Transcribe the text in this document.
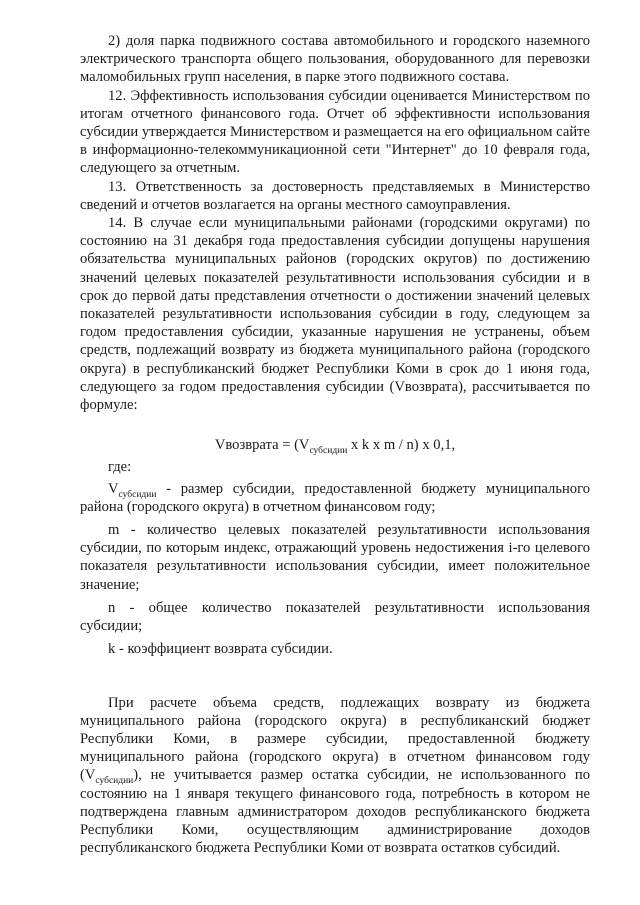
2) доля парка подвижного состава автомобильного и городского наземного электрического транспорта общего пользования, оборудованного для перевозки маломобильных групп населения, в парке этого подвижного состава.

12. Эффективность использования субсидии оценивается Министерством по итогам отчетного финансового года. Отчет об эффективности использования субсидии утверждается Министерством и размещается на его официальном сайте в информационно-телекоммуникационной сети "Интернет" до 10 февраля года, следующего за отчетным.

13. Ответственность за достоверность представляемых в Министерство сведений и отчетов возлагается на органы местного самоуправления.

14. В случае если муниципальными районами (городскими округами) по состоянию на 31 декабря года предоставления субсидии допущены нарушения обязательства муниципальных районов (городских округов) по достижению значений целевых показателей результативности использования субсидии и в срок до первой даты представления отчетности о достижении значений целевых показателей результативности использования субсидии в году, следующем за годом предоставления субсидии, указанные нарушения не устранены, объем средств, подлежащий возврату из бюджета муниципального района (городского округа) в республиканский бюджет Республики Коми в срок до 1 июня года, следующего за годом предоставления субсидии (Vвозврата), рассчитывается по формуле:

Vвозврата = ($V_{субсидии}$ x k x m / n) x 0,1,

где:

$V_{субсидии}$ - размер субсидии, предоставленной бюджету муниципального района (городского округа) в отчетном финансовом году;

m - количество целевых показателей результативности использования субсидии, по которым индекс, отражающий уровень недостижения i-го целевого показателя результативности использования субсидии, имеет положительное значение;

n - общее количество показателей результативности использования субсидии;

k - коэффициент возврата субсидии.

При расчете объема средств, подлежащих возврату из бюджета муниципального района (городского округа) в республиканский бюджет Республики Коми, в размере субсидии, предоставленной бюджету муниципального района (городского округа) в отчетном финансовом году $(V_{субсидии})$, не учитывается размер остатка субсидии, не использованного по состоянию на 1 января текущего финансового года, потребность в котором не подтверждена главным администратором доходов республиканского бюджета Республики Коми, осуществляющим администрирование доходов республиканского бюджета Республики Коми от возврата остатков субсидий.
